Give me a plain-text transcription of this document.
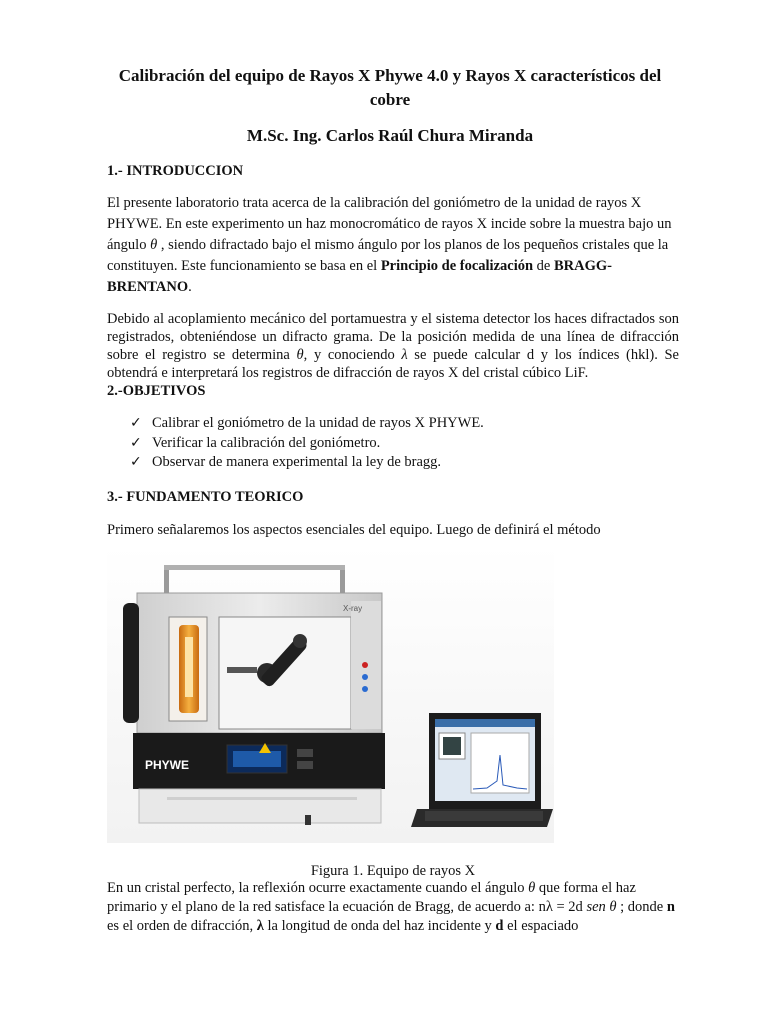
Calibración del equipo de Rayos X Phywe 4.0 y Rayos X característicos del cobre
M.Sc. Ing. Carlos Raúl Chura Miranda
1.- INTRODUCCION

El presente laboratorio trata acerca de la calibración del goniómetro de la unidad de rayos X PHYWE. En este experimento un haz monocromático de rayos X incide sobre la muestra bajo un ángulo θ , siendo difractado bajo el mismo ángulo por los planos de los pequeños cristales que la constituyen. Este funcionamiento se basa en el Principio de focalización de BRAGG-BRENTANO.

Debido al acoplamiento mecánico del portamuestra y el sistema detector los haces difractados son registrados, obteniéndose un difracto grama. De la posición medida de una línea de difracción sobre el registro se determina θ, y conociendo λ se puede calcular d y los índices (hkl). Se obtendrá e interpretará los registros de difracción de rayos X del cristal cúbico LiF.

2.-OBJETIVOS
✓ Calibrar el goniómetro de la unidad de rayos X PHYWE.
✓ Verificar la calibración del goniómetro.
✓ Observar de manera experimental la ley de bragg.
3.- FUNDAMENTO TEORICO

Primero señalaremos los aspectos esenciales del equipo. Luego de definirá el método

X-ray
PHYWE
Figura 1. Equipo de rayos X

En un cristal perfecto, la reflexión ocurre exactamente cuando el ángulo θ que forma el haz primario y el plano de la red satisface la ecuación de Bragg, de acuerdo a: nλ = 2d sen θ ; donde n es el orden de difracción, λ la longitud de onda del haz incidente y d el espaciado
